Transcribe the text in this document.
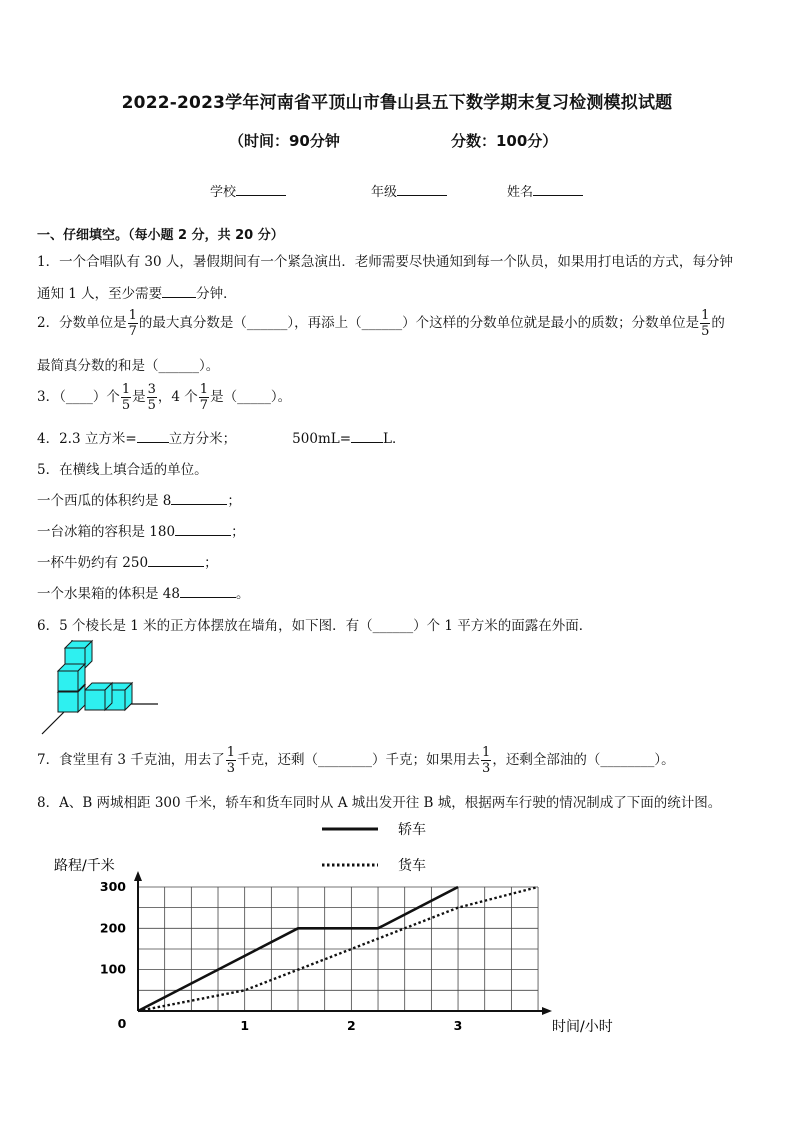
2022-2023学年河南省平顶山市鲁山县五下数学期末复习检测模拟试题
（时间：90分钟	分数：100分）
学校	年级	姓名
一、仔细填空。（每小题 2 分，共 20 分）
1．一个合唱队有 30 人，暑假期间有一个紧急演出．老师需要尽快通知到每一个队员，如果用打电话的方式，每分钟
通知 1 人，至少需要	分钟．
2．分数单位是 $\frac{1}{7}$ 的最大真分数是（______），再添上（______）个这样的分数单位就是最小的质数；分数单位是 $\frac{1}{5}$ 的
最简真分数的和是（______）。
3．（____）个 $\frac{1}{5}$ 是 $\frac{3}{5}$ ，4 个 $\frac{1}{7}$ 是（_____）。
4．2.3 立方米= 立方分米；	500mL= L．
5．在横线上填合适的单位。
一个西瓜的体积约是 8	；
一台冰箱的容积是 180	；
一杯牛奶约有 250	；
一个水果箱的体积是 48	。
6．5 个棱长是 1 米的正方体摆放在墙角，如下图．有（______）个 1 平方米的面露在外面．
7．食堂里有 3 千克油，用去了 $\frac{1}{3}$ 千克，还剩（________）千克；如果用去 $\frac{1}{3}$ ，还剩全部油的（________）。
8．A、B 两城相距 300 千米，轿车和货车同时从 A 城出发开往 B 城，根据两车行驶的情况制成了下面的统计图。
100
200
300
1	2	3
0
路程/千米
时间/小时
轿车
货车
